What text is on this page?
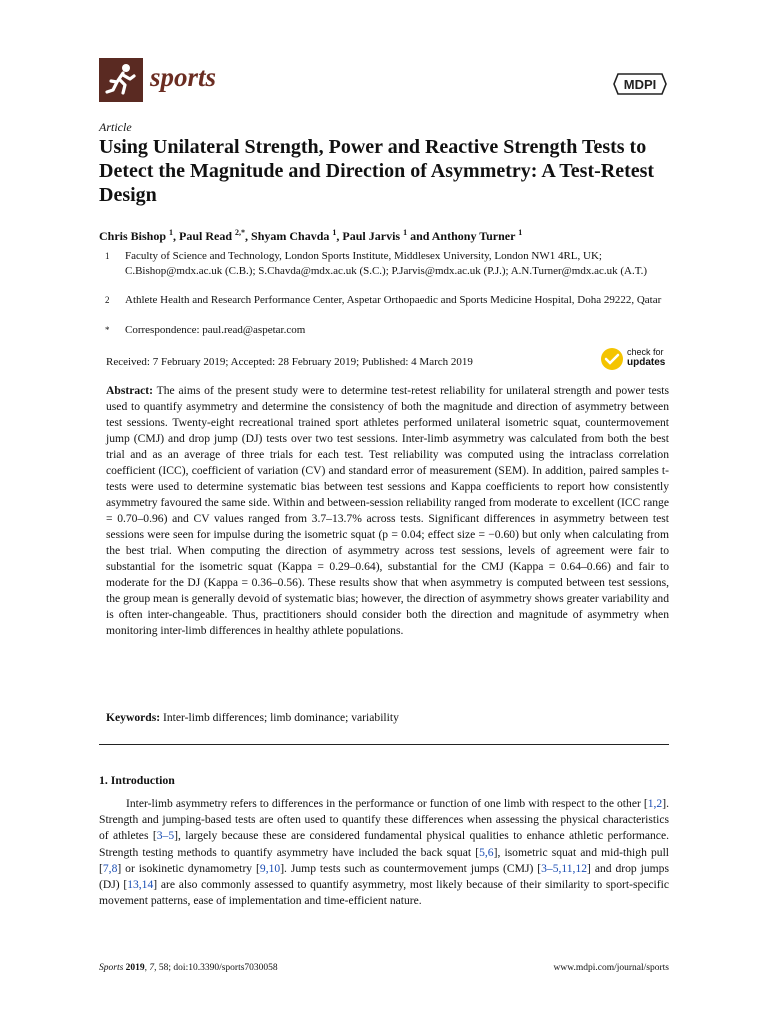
sports	MDPI
Article
Using Unilateral Strength, Power and Reactive Strength Tests to Detect the Magnitude and Direction of Asymmetry: A Test-Retest Design
Chris Bishop $^1$, Paul Read $^{2,*}$, Shyam Chavda $^1$, Paul Jarvis $^1$ and Anthony Turner $^1$
1 Faculty of Science and Technology, London Sports Institute, Middlesex University, London NW1 4RL, UK; C.Bishop@mdx.ac.uk (C.B.); S.Chavda@mdx.ac.uk (S.C.); P.Jarvis@mdx.ac.uk (P.J.); A.N.Turner@mdx.ac.uk (A.T.)
2 Athlete Health and Research Performance Center, Aspetar Orthopaedic and Sports Medicine Hospital, Doha 29222, Qatar
* Correspondence: paul.read@aspetar.com
Received: 7 February 2019; Accepted: 28 February 2019; Published: 4 March 2019
check for
updates
Abstract: The aims of the present study were to determine test-retest reliability for unilateral strength and power tests used to quantify asymmetry and determine the consistency of both the magnitude and direction of asymmetry between test sessions. Twenty-eight recreational trained sport athletes performed unilateral isometric squat, countermovement jump (CMJ) and drop jump (DJ) tests over two test sessions. Inter-limb asymmetry was calculated from both the best trial and as an average of three trials for each test. Test reliability was computed using the intraclass correlation coefficient (ICC), coefficient of variation (CV) and standard error of measurement (SEM). In addition, paired samples t-tests were used to determine systematic bias between test sessions and Kappa coefficients to report how consistently asymmetry favoured the same side. Within and between-session reliability ranged from moderate to excellent (ICC range = 0.70–0.96) and CV values ranged from 3.7–13.7% across tests. Significant differences in asymmetry between test sessions were seen for impulse during the isometric squat (p = 0.04; effect size = −0.60) but only when calculating from the best trial. When computing the direction of asymmetry across test sessions, levels of agreement were fair to substantial for the isometric squat (Kappa = 0.29–0.64), substantial for the CMJ (Kappa = 0.64–0.66) and fair to moderate for the DJ (Kappa = 0.36–0.56). These results show that when asymmetry is computed between test sessions, the group mean is generally devoid of systematic bias; however, the direction of asymmetry shows greater variability and is often inter-changeable. Thus, practitioners should consider both the direction and magnitude of asymmetry when monitoring inter-limb differences in healthy athlete populations.
Keywords: Inter-limb differences; limb dominance; variability
1. Introduction
Inter-limb asymmetry refers to differences in the performance or function of one limb with respect to the other [1,2]. Strength and jumping-based tests are often used to quantify these differences when assessing the physical characteristics of athletes [3–5], largely because these are considered fundamental physical qualities to enhance athletic performance. Strength testing methods to quantify asymmetry have included the back squat [5,6], isometric squat and mid-thigh pull [7,8] or isokinetic dynamometry [9,10]. Jump tests such as countermovement jumps (CMJ) [3–5,11,12] and drop jumps (DJ) [13,14] are also commonly assessed to quantify asymmetry, most likely because of their similarity to sport-specific movement patterns, ease of implementation and time-efficient nature.
Sports 2019, 7, 58; doi:10.3390/sports7030058	www.mdpi.com/journal/sports
